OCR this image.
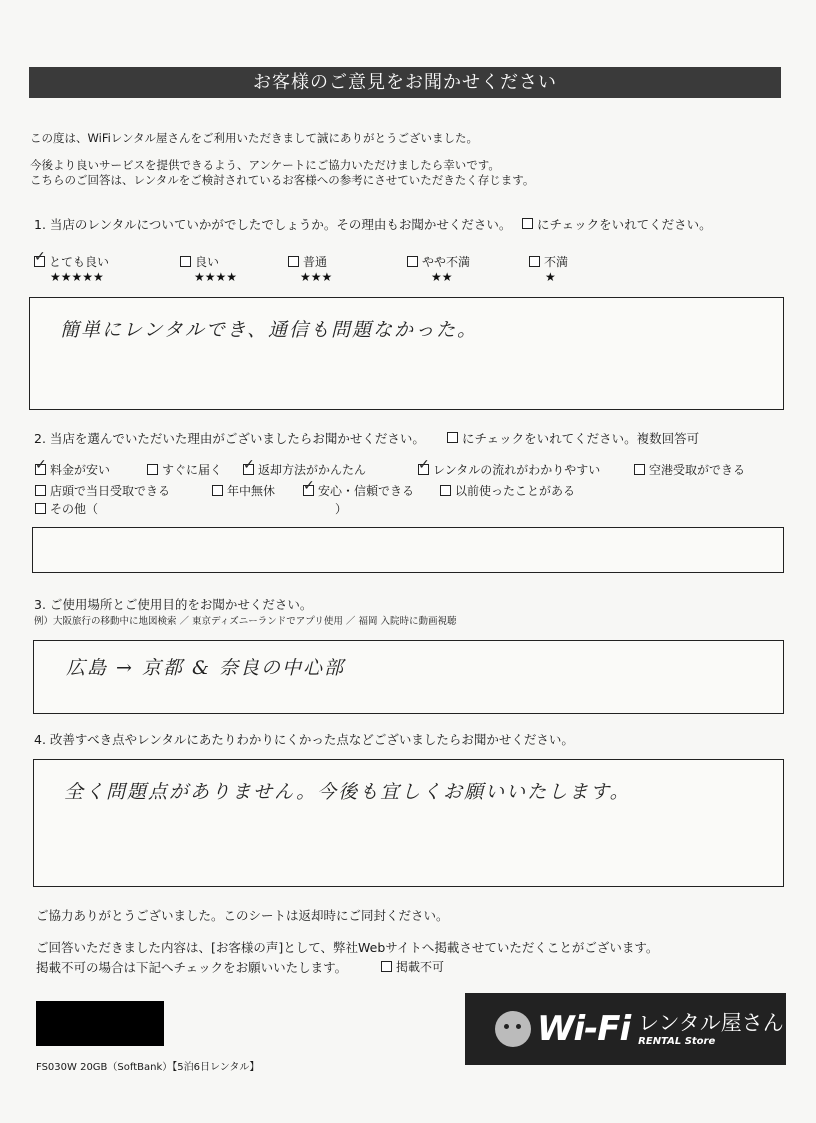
お客様のご意見をお聞かせください
この度は、WiFiレンタル屋さんをご利用いただきまして誠にありがとうございました。
今後より良いサービスを提供できるよう、アンケートにご協力いただけましたら幸いです。
こちらのご回答は、レンタルをご検討されているお客様への参考にさせていただきたく存じます。
1. 当店のレンタルについていかがでしたでしょうか。その理由もお聞かせください。	にチェックをいれてください。
✓
とても良い
★★★★★
良い
★★★★
普通
★★★
やや不満
★★
不満
★
簡単にレンタルでき、通信も問題なかった。
2. 当店を選んでいただいた理由がございましたらお聞かせください。	にチェックをいれてください。複数回答可
✓
料金が安い	すぐに届く ✓	返却方法がかんたん ✓	レンタルの流れがわかりやすい	空港受取ができる
店頭で当日受取できる	年中無休 ✓	安心・信頼できる	以前使ったことがある
その他（	）
3. ご使用場所とご使用目的をお聞かせください。
例）大阪旅行の移動中に地図検索 ／ 東京ディズニーランドでアプリ使用 ／ 福岡 入院時に動画視聴
広島 → 京都 & 奈良の中心部
4. 改善すべき点やレンタルにあたりわかりにくかった点などございましたらお聞かせください。
全く問題点がありません。今後も宜しくお願いいたします。
ご協力ありがとうございました。このシートは返却時にご同封ください。
ご回答いただきました内容は、[お客様の声]として、弊社Webサイトへ掲載させていただくことがございます。
掲載不可の場合は下記へチェックをお願いいたします。	掲載不可
FS030W 20GB（SoftBank）【5泊6日レンタル】
Wi-Fi レンタル屋さん
RENTAL Store
